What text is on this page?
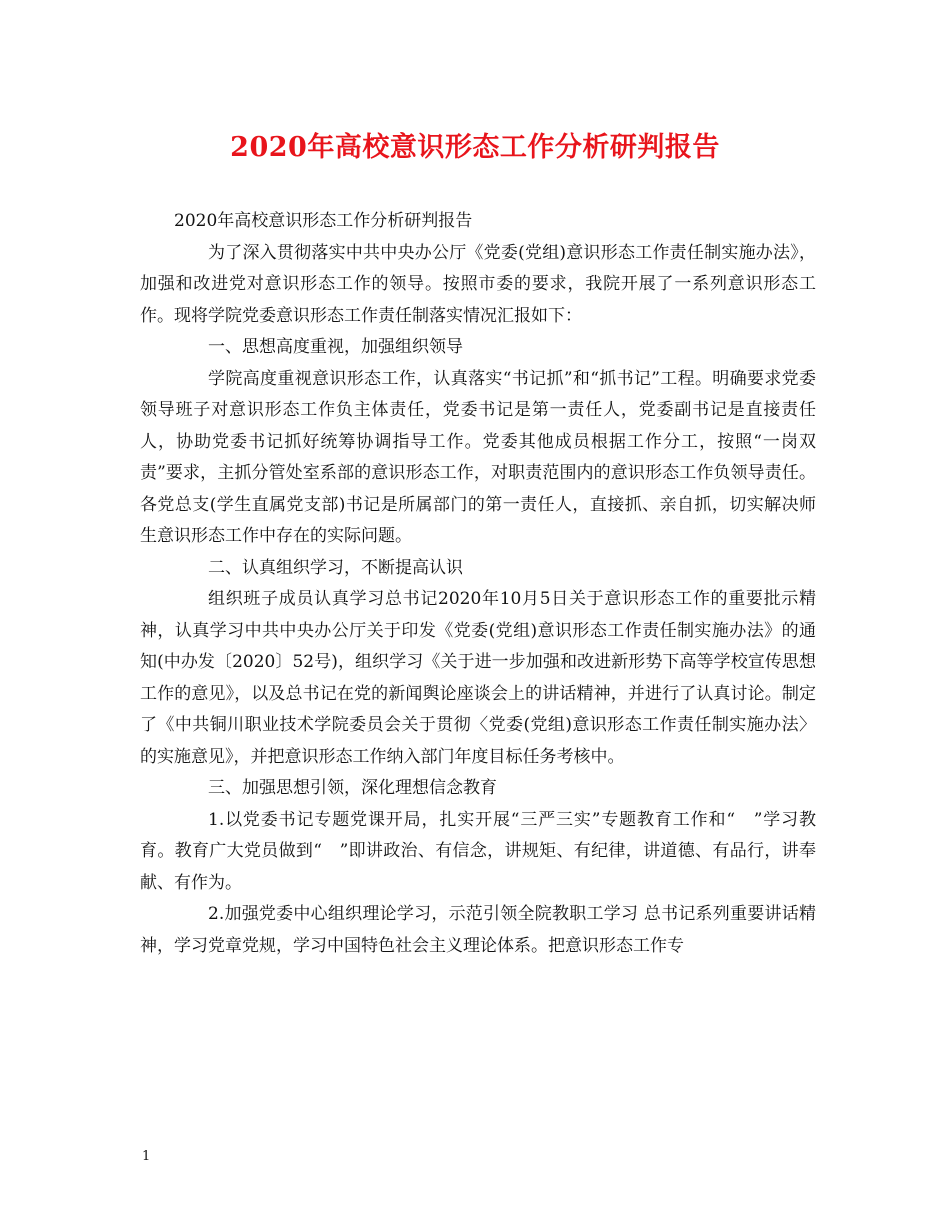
2020年高校意识形态工作分析研判报告

2020年高校意识形态工作分析研判报告

为了深入贯彻落实中共中央办公厅《党委(党组)意识形态工作责任制实施办法》，加强和改进党对意识形态工作的领导。按照市委的要求，我院开展了一系列意识形态工作。现将学院党委意识形态工作责任制落实情况汇报如下：

一、思想高度重视，加强组织领导

学院高度重视意识形态工作，认真落实“书记抓”和“抓书记”工程。明确要求党委领导班子对意识形态工作负主体责任，党委书记是第一责任人，党委副书记是直接责任人，协助党委书记抓好统筹协调指导工作。党委其他成员根据工作分工，按照“一岗双责”要求，主抓分管处室系部的意识形态工作，对职责范围内的意识形态工作负领导责任。各党总支(学生直属党支部)书记是所属部门的第一责任人，直接抓、亲自抓，切实解决师生意识形态工作中存在的实际问题。

二、认真组织学习，不断提高认识

组织班子成员认真学习总书记2020年10月5日关于意识形态工作的重要批示精神，认真学习中共中央办公厅关于印发《党委(党组)意识形态工作责任制实施办法》的通知(中办发〔2020〕52号)，组织学习《关于进一步加强和改进新形势下高等学校宣传思想工作的意见》，以及总书记在党的新闻舆论座谈会上的讲话精神，并进行了认真讨论。制定了《中共铜川职业技术学院委员会关于贯彻〈党委(党组)意识形态工作责任制实施办法〉的实施意见》，并把意识形态工作纳入部门年度目标任务考核中。

三、加强思想引领，深化理想信念教育

1.以党委书记专题党课开局，扎实开展“三严三实”专题教育工作和“　”学习教育。教育广大党员做到“　”即讲政治、有信念，讲规矩、有纪律，讲道德、有品行，讲奉献、有作为。

2.加强党委中心组织理论学习，示范引领全院教职工学习 总书记系列重要讲话精神，学习党章党规，学习中国特色社会主义理论体系。把意识形态工作专

1
